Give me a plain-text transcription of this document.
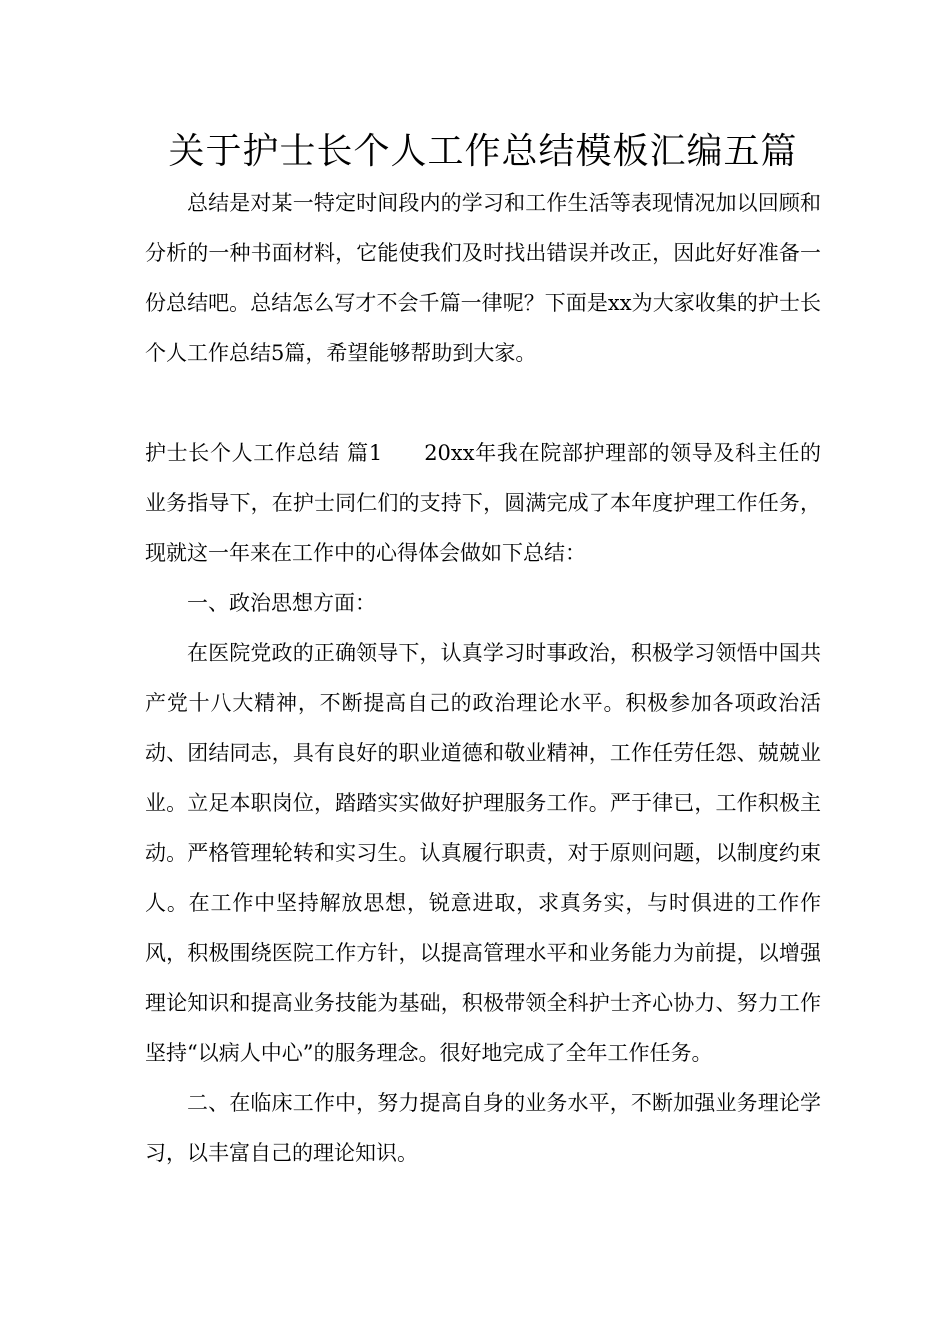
关于护士长个人工作总结模板汇编五篇

总结是对某一特定时间段内的学习和工作生活等表现情况加以回顾和分析的一种书面材料，它能使我们及时找出错误并改正，因此好好准备一份总结吧。总结怎么写才不会千篇一律呢？下面是xx为大家收集的护士长个人工作总结5篇，希望能够帮助到大家。

护士长个人工作总结 篇1 20xx年我在院部护理部的领导及科主任的业务指导下，在护士同仁们的支持下，圆满完成了本年度护理工作任务，现就这一年来在工作中的心得体会做如下总结：

一、政治思想方面：

在医院党政的正确领导下，认真学习时事政治，积极学习领悟中国共产党十八大精神，不断提高自己的政治理论水平。积极参加各项政治活动、团结同志，具有良好的职业道德和敬业精神，工作任劳任怨、兢兢业业。立足本职岗位，踏踏实实做好护理服务工作。严于律已，工作积极主动。严格管理轮转和实习生。认真履行职责，对于原则问题，以制度约束人。在工作中坚持解放思想，锐意进取，求真务实，与时俱进的工作作风，积极围绕医院工作方针，以提高管理水平和业务能力为前提，以增强理论知识和提高业务技能为基础，积极带领全科护士齐心协力、努力工作坚持“以病人中心”的服务理念。很好地完成了全年工作任务。

二、在临床工作中，努力提高自身的业务水平，不断加强业务理论学习，以丰富自己的理论知识。
